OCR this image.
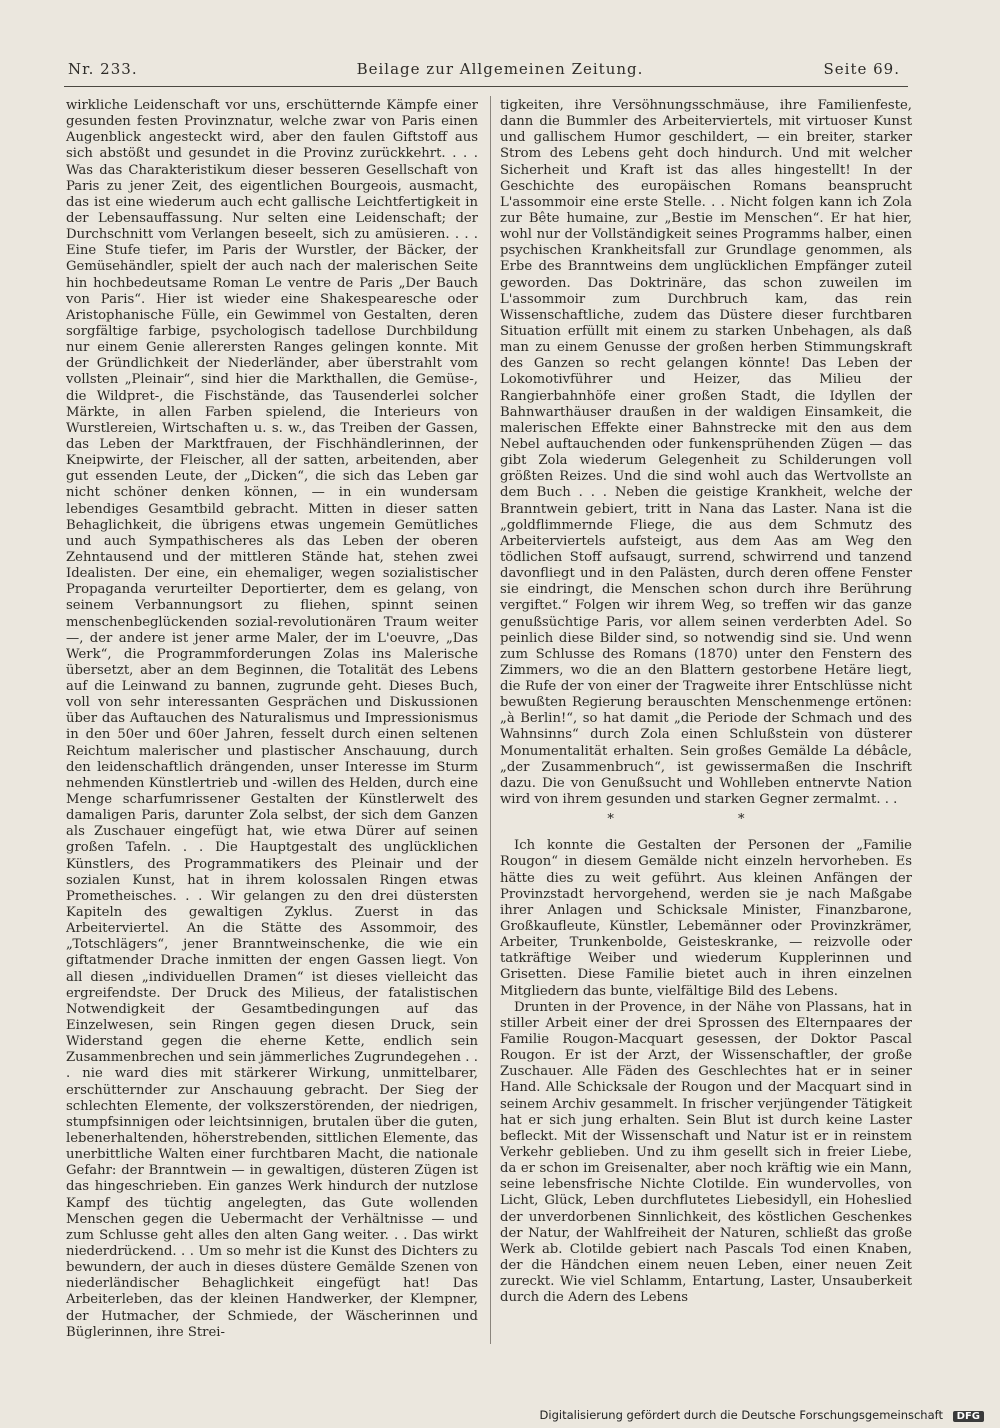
Nr. 233.	Beilage zur Allgemeinen Zeitung.	Seite 69.

wirkliche Leidenschaft vor uns, erschütternde Kämpfe einer gesunden festen Provinznatur, welche zwar von Paris einen Augenblick angesteckt wird, aber den faulen Giftstoff aus sich abstößt und gesundet in die Provinz zurückkehrt. . . . Was das Charakteristikum dieser besseren Gesellschaft von Paris zu jener Zeit, des eigentlichen Bourgeois, ausmacht, das ist eine wiederum auch echt gallische Leichtfertigkeit in der Lebensauffassung. Nur selten eine Leidenschaft; der Durchschnitt vom Verlangen beseelt, sich zu amüsieren. . . . Eine Stufe tiefer, im Paris der Wurstler, der Bäcker, der Gemüsehändler, spielt der auch nach der malerischen Seite hin hochbedeutsame Roman Le ventre de Paris „Der Bauch von Paris“. Hier ist wieder eine Shakespearesche oder Aristophanische Fülle, ein Gewimmel von Gestalten, deren sorgfältige farbige, psychologisch tadellose Durchbildung nur einem Genie allerersten Ranges gelingen konnte. Mit der Gründlichkeit der Niederländer, aber überstrahlt vom vollsten „Pleinair“, sind hier die Markthallen, die Gemüse-, die Wildpret-, die Fischstände, das Tausenderlei solcher Märkte, in allen Farben spielend, die Interieurs von Wurstlereien, Wirtschaften u. s. w., das Treiben der Gassen, das Leben der Marktfrauen, der Fischhändlerinnen, der Kneipwirte, der Fleischer, all der satten, arbeitenden, aber gut essenden Leute, der „Dicken“, die sich das Leben gar nicht schöner denken können, — in ein wundersam lebendiges Gesamtbild gebracht. Mitten in dieser satten Behaglichkeit, die übrigens etwas ungemein Gemütliches und auch Sympathischeres als das Leben der oberen Zehntausend und der mittleren Stände hat, stehen zwei Idealisten. Der eine, ein ehemaliger, wegen sozialistischer Propaganda verurteilter Deportierter, dem es gelang, von seinem Verbannungsort zu fliehen, spinnt seinen menschenbeglückenden sozial-revolutionären Traum weiter —, der andere ist jener arme Maler, der im L'oeuvre, „Das Werk“, die Programmforderungen Zolas ins Malerische übersetzt, aber an dem Beginnen, die Totalität des Lebens auf die Leinwand zu bannen, zugrunde geht. Dieses Buch, voll von sehr interessanten Gesprächen und Diskussionen über das Auftauchen des Naturalismus und Impressionismus in den 50er und 60er Jahren, fesselt durch einen seltenen Reichtum malerischer und plastischer Anschauung, durch den leidenschaftlich drängenden, unser Interesse im Sturm nehmenden Künstlertrieb und -willen des Helden, durch eine Menge scharfumrissener Gestalten der Künstlerwelt des damaligen Paris, darunter Zola selbst, der sich dem Ganzen als Zuschauer eingefügt hat, wie etwa Dürer auf seinen großen Tafeln. . . Die Hauptgestalt des unglücklichen Künstlers, des Programmatikers des Pleinair und der sozialen Kunst, hat in ihrem kolossalen Ringen etwas Prometheisches. . . Wir gelangen zu den drei düstersten Kapiteln des gewaltigen Zyklus. Zuerst in das Arbeiterviertel. An die Stätte des Assommoir, des „Totschlägers“, jener Branntweinschenke, die wie ein giftatmender Drache inmitten der engen Gassen liegt. Von all diesen „individuellen Dramen“ ist dieses vielleicht das ergreifendste. Der Druck des Milieus, der fatalistischen Notwendigkeit der Gesamtbedingungen auf das Einzelwesen, sein Ringen gegen diesen Druck, sein Widerstand gegen die eherne Kette, endlich sein Zusammenbrechen und sein jämmerliches Zugrundegehen . . . nie ward dies mit stärkerer Wirkung, unmittelbarer, erschütternder zur Anschauung gebracht. Der Sieg der schlechten Elemente, der volkszerstörenden, der niedrigen, stumpfsinnigen oder leichtsinnigen, brutalen über die guten, lebenerhaltenden, höherstrebenden, sittlichen Elemente, das unerbittliche Walten einer furchtbaren Macht, die nationale Gefahr: der Branntwein — in gewaltigen, düsteren Zügen ist das hingeschrieben. Ein ganzes Werk hindurch der nutzlose Kampf des tüchtig angelegten, das Gute wollenden Menschen gegen die Uebermacht der Verhältnisse — und zum Schlusse geht alles den alten Gang weiter. . . Das wirkt niederdrückend. . . Um so mehr ist die Kunst des Dichters zu bewundern, der auch in dieses düstere Gemälde Szenen von niederländischer Behaglichkeit eingefügt hat! Das Arbeiterleben, das der kleinen Handwerker, der Klempner, der Hutmacher, der Schmiede, der Wäscherinnen und Büglerinnen, ihre Strei-

tigkeiten, ihre Versöhnungsschmäuse, ihre Familienfeste, dann die Bummler des Arbeiterviertels, mit virtuoser Kunst und gallischem Humor geschildert, — ein breiter, starker Strom des Lebens geht doch hindurch. Und mit welcher Sicherheit und Kraft ist das alles hingestellt! In der Geschichte des europäischen Romans beansprucht L'assommoir eine erste Stelle. . . Nicht folgen kann ich Zola zur Bête humaine, zur „Bestie im Menschen“. Er hat hier, wohl nur der Vollständigkeit seines Programms halber, einen psychischen Krankheitsfall zur Grundlage genommen, als Erbe des Branntweins dem unglücklichen Empfänger zuteil geworden. Das Doktrinäre, das schon zuweilen im L'assommoir zum Durchbruch kam, das rein Wissenschaftliche, zudem das Düstere dieser furchtbaren Situation erfüllt mit einem zu starken Unbehagen, als daß man zu einem Genusse der großen herben Stimmungskraft des Ganzen so recht gelangen könnte! Das Leben der Lokomotivführer und Heizer, das Milieu der Rangierbahnhöfe einer großen Stadt, die Idyllen der Bahnwarthäuser draußen in der waldigen Einsamkeit, die malerischen Effekte einer Bahnstrecke mit den aus dem Nebel auftauchenden oder funkensprühenden Zügen — das gibt Zola wiederum Gelegenheit zu Schilderungen voll größten Reizes. Und die sind wohl auch das Wertvollste an dem Buch . . . Neben die geistige Krankheit, welche der Branntwein gebiert, tritt in Nana das Laster. Nana ist die „goldflimmernde Fliege, die aus dem Schmutz des Arbeiterviertels aufsteigt, aus dem Aas am Weg den tödlichen Stoff aufsaugt, surrend, schwirrend und tanzend davonfliegt und in den Palästen, durch deren offene Fenster sie eindringt, die Menschen schon durch ihre Berührung vergiftet.“ Folgen wir ihrem Weg, so treffen wir das ganze genußsüchtige Paris, vor allem seinen verderbten Adel. So peinlich diese Bilder sind, so notwendig sind sie. Und wenn zum Schlusse des Romans (1870) unter den Fenstern des Zimmers, wo die an den Blattern gestorbene Hetäre liegt, die Rufe der von einer der Tragweite ihrer Entschlüsse nicht bewußten Regierung berauschten Menschenmenge ertönen: „à Berlin!“, so hat damit „die Periode der Schmach und des Wahnsinns“ durch Zola einen Schlußstein von düsterer Monumentalität erhalten. Sein großes Gemälde La débâcle, „der Zusammenbruch“, ist gewissermaßen die Inschrift dazu. Die von Genußsucht und Wohlleben entnervte Nation wird von ihrem gesunden und starken Gegner zermalmt. . .

* *

Ich konnte die Gestalten der Personen der „Familie Rougon“ in diesem Gemälde nicht einzeln hervorheben. Es hätte dies zu weit geführt. Aus kleinen Anfängen der Provinzstadt hervorgehend, werden sie je nach Maßgabe ihrer Anlagen und Schicksale Minister, Finanzbarone, Großkaufleute, Künstler, Lebemänner oder Provinzkrämer, Arbeiter, Trunkenbolde, Geisteskranke, — reizvolle oder tatkräftige Weiber und wiederum Kupplerinnen und Grisetten. Diese Familie bietet auch in ihren einzelnen Mitgliedern das bunte, vielfältige Bild des Lebens.

Drunten in der Provence, in der Nähe von Plassans, hat in stiller Arbeit einer der drei Sprossen des Elternpaares der Familie Rougon-Macquart gesessen, der Doktor Pascal Rougon. Er ist der Arzt, der Wissenschaftler, der große Zuschauer. Alle Fäden des Geschlechtes hat er in seiner Hand. Alle Schicksale der Rougon und der Macquart sind in seinem Archiv gesammelt. In frischer verjüngender Tätigkeit hat er sich jung erhalten. Sein Blut ist durch keine Laster befleckt. Mit der Wissenschaft und Natur ist er in reinstem Verkehr geblieben. Und zu ihm gesellt sich in freier Liebe, da er schon im Greisenalter, aber noch kräftig wie ein Mann, seine lebensfrische Nichte Clotilde. Ein wundervolles, von Licht, Glück, Leben durchflutetes Liebesidyll, ein Hoheslied der unverdorbenen Sinnlichkeit, des köstlichen Geschenkes der Natur, der Wahlfreiheit der Naturen, schließt das große Werk ab. Clotilde gebiert nach Pascals Tod einen Knaben, der die Händchen einem neuen Leben, einer neuen Zeit zureckt. Wie viel Schlamm, Entartung, Laster, Unsauberkeit durch die Adern des Lebens

Digitalisierung gefördert durch die Deutsche Forschungsgemeinschaft DFG
